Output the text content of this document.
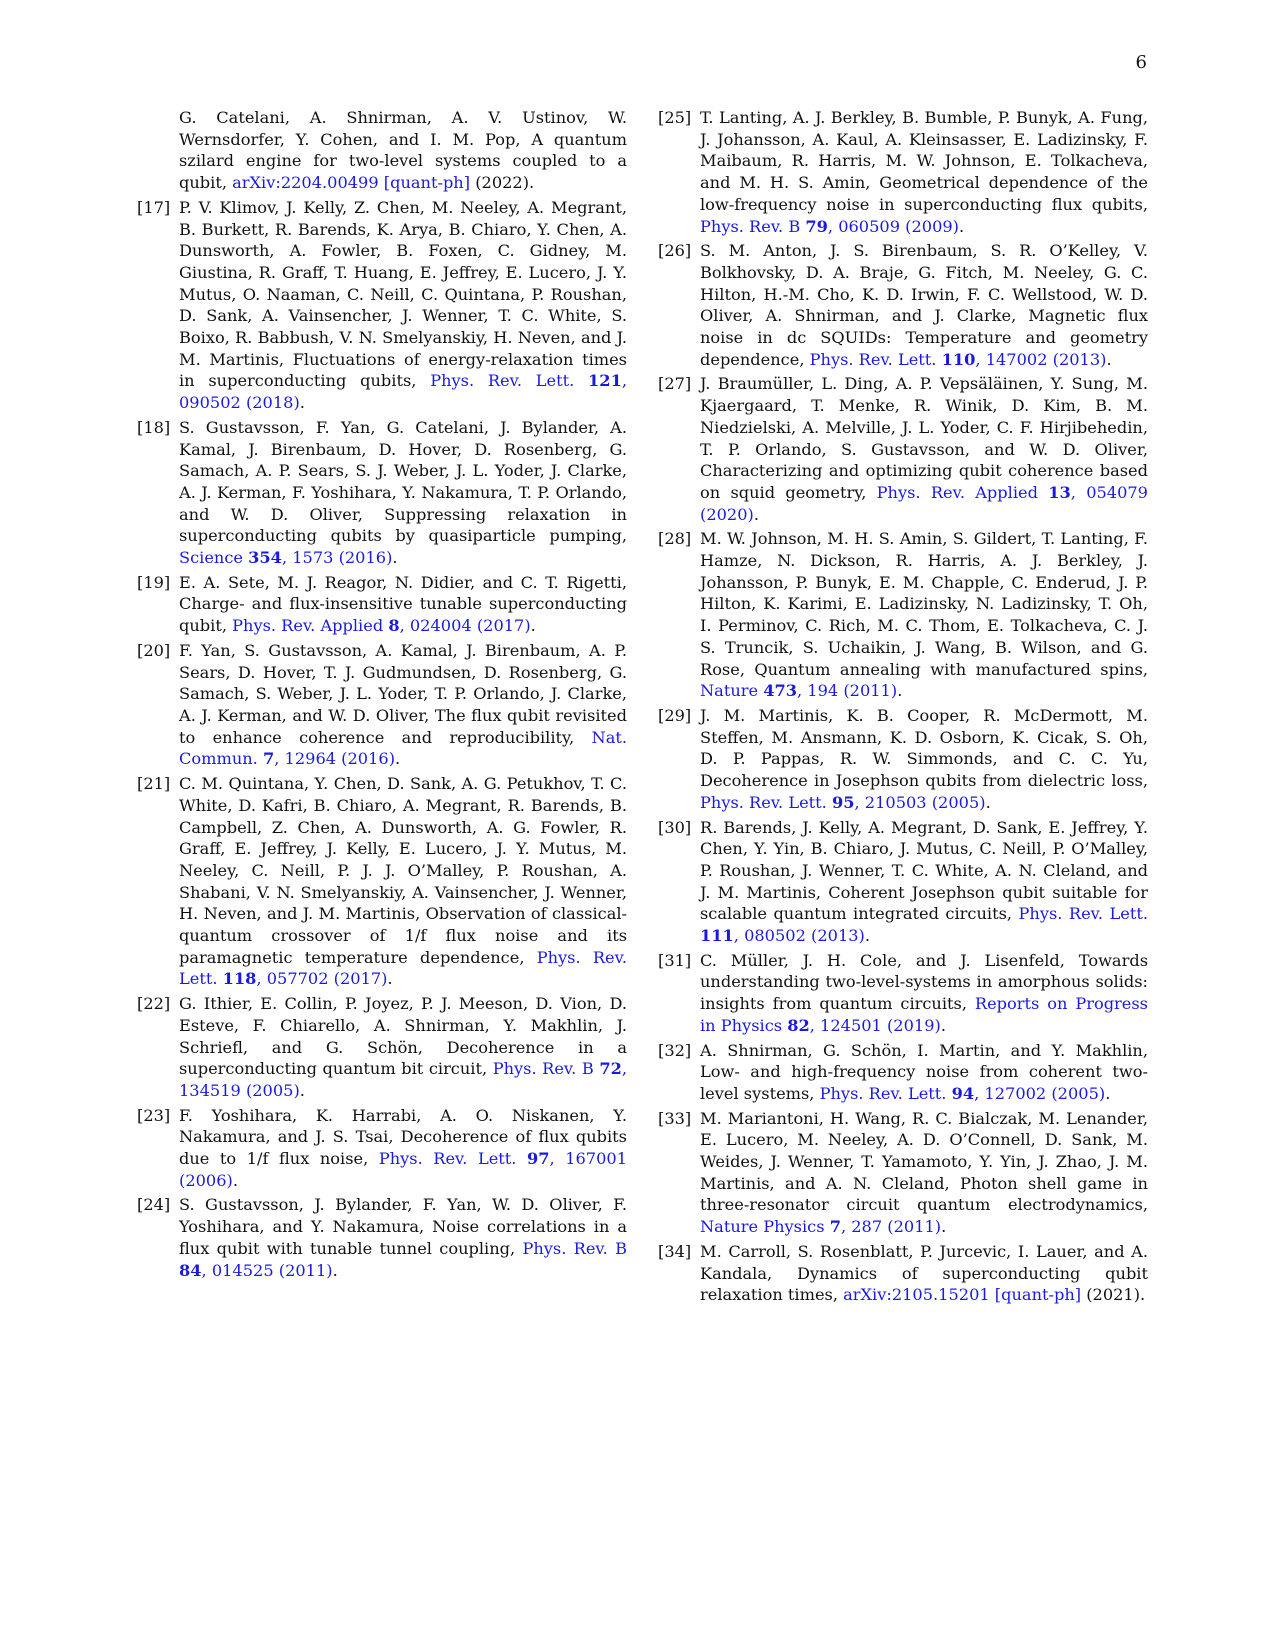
6
G. Catelani, A. Shnirman, A. V. Ustinov, W. Wernsdorfer, Y. Cohen, and I. M. Pop, A quantum szilard engine for two-level systems coupled to a qubit, arXiv:2204.00499 [quant-ph] (2022).
[17] P. V. Klimov, J. Kelly, Z. Chen, M. Neeley, A. Megrant, B. Burkett, R. Barends, K. Arya, B. Chiaro, Y. Chen, A. Dunsworth, A. Fowler, B. Foxen, C. Gidney, M. Giustina, R. Graff, T. Huang, E. Jeffrey, E. Lucero, J. Y. Mutus, O. Naaman, C. Neill, C. Quintana, P. Roushan, D. Sank, A. Vainsencher, J. Wenner, T. C. White, S. Boixo, R. Babbush, V. N. Smelyanskiy, H. Neven, and J. M. Martinis, Fluctuations of energy-relaxation times in superconducting qubits, Phys. Rev. Lett. 121, 090502 (2018).
[18] S. Gustavsson, F. Yan, G. Catelani, J. Bylander, A. Kamal, J. Birenbaum, D. Hover, D. Rosenberg, G. Samach, A. P. Sears, S. J. Weber, J. L. Yoder, J. Clarke, A. J. Kerman, F. Yoshihara, Y. Nakamura, T. P. Orlando, and W. D. Oliver, Suppressing relaxation in superconducting qubits by quasiparticle pumping, Science 354, 1573 (2016).
[19] E. A. Sete, M. J. Reagor, N. Didier, and C. T. Rigetti, Charge- and flux-insensitive tunable superconducting qubit, Phys. Rev. Applied 8, 024004 (2017).
[20] F. Yan, S. Gustavsson, A. Kamal, J. Birenbaum, A. P. Sears, D. Hover, T. J. Gudmundsen, D. Rosenberg, G. Samach, S. Weber, J. L. Yoder, T. P. Orlando, J. Clarke, A. J. Kerman, and W. D. Oliver, The flux qubit revisited to enhance coherence and reproducibility, Nat. Commun. 7, 12964 (2016).
[21] C. M. Quintana, Y. Chen, D. Sank, A. G. Petukhov, T. C. White, D. Kafri, B. Chiaro, A. Megrant, R. Barends, B. Campbell, Z. Chen, A. Dunsworth, A. G. Fowler, R. Graff, E. Jeffrey, J. Kelly, E. Lucero, J. Y. Mutus, M. Neeley, C. Neill, P. J. J. O’Malley, P. Roushan, A. Shabani, V. N. Smelyanskiy, A. Vainsencher, J. Wenner, H. Neven, and J. M. Martinis, Observation of classical-quantum crossover of 1/f flux noise and its paramagnetic temperature dependence, Phys. Rev. Lett. 118, 057702 (2017).
[22] G. Ithier, E. Collin, P. Joyez, P. J. Meeson, D. Vion, D. Esteve, F. Chiarello, A. Shnirman, Y. Makhlin, J. Schriefl, and G. Schön, Decoherence in a superconducting quantum bit circuit, Phys. Rev. B 72, 134519 (2005).
[23] F. Yoshihara, K. Harrabi, A. O. Niskanen, Y. Nakamura, and J. S. Tsai, Decoherence of flux qubits due to 1/f flux noise, Phys. Rev. Lett. 97, 167001 (2006).
[24] S. Gustavsson, J. Bylander, F. Yan, W. D. Oliver, F. Yoshihara, and Y. Nakamura, Noise correlations in a flux qubit with tunable tunnel coupling, Phys. Rev. B 84, 014525 (2011).
[25] T. Lanting, A. J. Berkley, B. Bumble, P. Bunyk, A. Fung, J. Johansson, A. Kaul, A. Kleinsasser, E. Ladizinsky, F. Maibaum, R. Harris, M. W. Johnson, E. Tolkacheva, and M. H. S. Amin, Geometrical dependence of the low-frequency noise in superconducting flux qubits, Phys. Rev. B 79, 060509 (2009).
[26] S. M. Anton, J. S. Birenbaum, S. R. O’Kelley, V. Bolkhovsky, D. A. Braje, G. Fitch, M. Neeley, G. C. Hilton, H.-M. Cho, K. D. Irwin, F. C. Wellstood, W. D. Oliver, A. Shnirman, and J. Clarke, Magnetic flux noise in dc SQUIDs: Temperature and geometry dependence, Phys. Rev. Lett. 110, 147002 (2013).
[27] J. Braumüller, L. Ding, A. P. Vepsäläinen, Y. Sung, M. Kjaergaard, T. Menke, R. Winik, D. Kim, B. M. Niedzielski, A. Melville, J. L. Yoder, C. F. Hirjibehedin, T. P. Orlando, S. Gustavsson, and W. D. Oliver, Characterizing and optimizing qubit coherence based on squid geometry, Phys. Rev. Applied 13, 054079 (2020).
[28] M. W. Johnson, M. H. S. Amin, S. Gildert, T. Lanting, F. Hamze, N. Dickson, R. Harris, A. J. Berkley, J. Johansson, P. Bunyk, E. M. Chapple, C. Enderud, J. P. Hilton, K. Karimi, E. Ladizinsky, N. Ladizinsky, T. Oh, I. Perminov, C. Rich, M. C. Thom, E. Tolkacheva, C. J. S. Truncik, S. Uchaikin, J. Wang, B. Wilson, and G. Rose, Quantum annealing with manufactured spins, Nature 473, 194 (2011).
[29] J. M. Martinis, K. B. Cooper, R. McDermott, M. Steffen, M. Ansmann, K. D. Osborn, K. Cicak, S. Oh, D. P. Pappas, R. W. Simmonds, and C. C. Yu, Decoherence in Josephson qubits from dielectric loss, Phys. Rev. Lett. 95, 210503 (2005).
[30] R. Barends, J. Kelly, A. Megrant, D. Sank, E. Jeffrey, Y. Chen, Y. Yin, B. Chiaro, J. Mutus, C. Neill, P. O’Malley, P. Roushan, J. Wenner, T. C. White, A. N. Cleland, and J. M. Martinis, Coherent Josephson qubit suitable for scalable quantum integrated circuits, Phys. Rev. Lett. 111, 080502 (2013).
[31] C. Müller, J. H. Cole, and J. Lisenfeld, Towards understanding two-level-systems in amorphous solids: insights from quantum circuits, Reports on Progress in Physics 82, 124501 (2019).
[32] A. Shnirman, G. Schön, I. Martin, and Y. Makhlin, Low- and high-frequency noise from coherent two-level systems, Phys. Rev. Lett. 94, 127002 (2005).
[33] M. Mariantoni, H. Wang, R. C. Bialczak, M. Lenander, E. Lucero, M. Neeley, A. D. O’Connell, D. Sank, M. Weides, J. Wenner, T. Yamamoto, Y. Yin, J. Zhao, J. M. Martinis, and A. N. Cleland, Photon shell game in three-resonator circuit quantum electrodynamics, Nature Physics 7, 287 (2011).
[34] M. Carroll, S. Rosenblatt, P. Jurcevic, I. Lauer, and A. Kandala, Dynamics of superconducting qubit relaxation times, arXiv:2105.15201 [quant-ph] (2021).
